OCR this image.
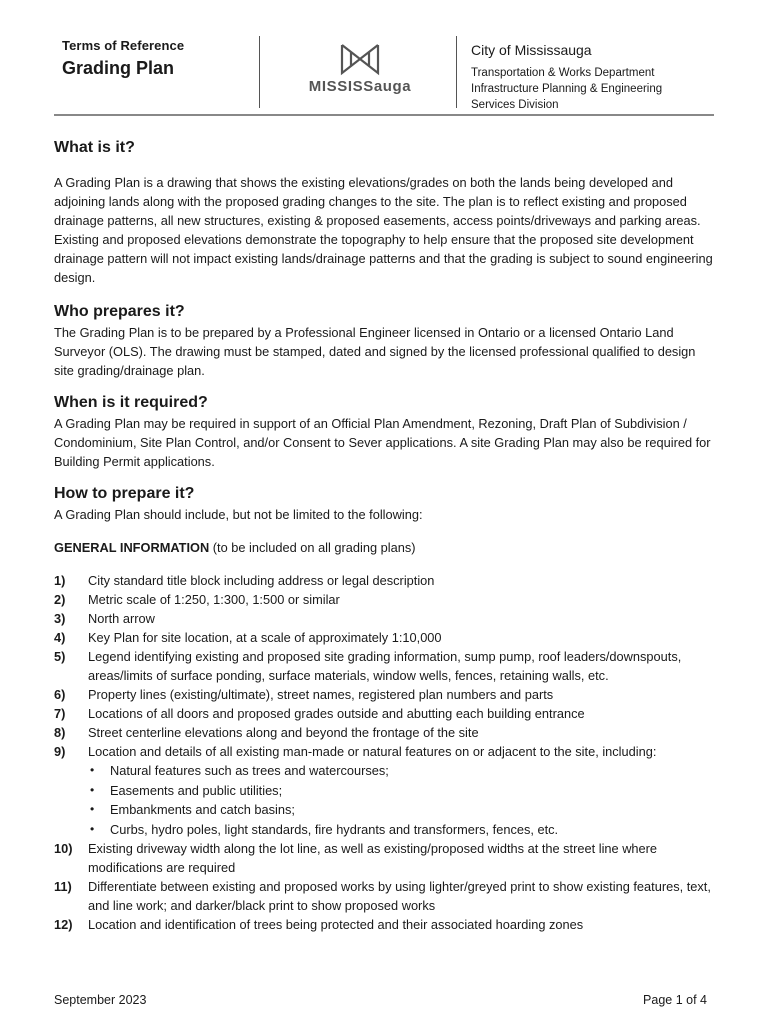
Terms of Reference
Grading Plan
MISSISSauga
City of Mississauga
Transportation & Works Department
Infrastructure Planning & Engineering
Services Division
What is it?

A Grading Plan is a drawing that shows the existing elevations/grades on both the lands being developed and adjoining lands along with the proposed grading changes to the site. The plan is to reflect existing and proposed drainage patterns, all new structures, existing & proposed easements, access points/driveways and parking areas. Existing and proposed elevations demonstrate the topography to help ensure that the proposed site development drainage pattern will not impact existing lands/drainage patterns and that the grading is subject to sound engineering design.

Who prepares it?

The Grading Plan is to be prepared by a Professional Engineer licensed in Ontario or a licensed Ontario Land Surveyor (OLS). The drawing must be stamped, dated and signed by the licensed professional qualified to design site grading/drainage plan.

When is it required?

A Grading Plan may be required in support of an Official Plan Amendment, Rezoning, Draft Plan of Subdivision / Condominium, Site Plan Control, and/or Consent to Sever applications. A site Grading Plan may also be required for Building Permit applications.

How to prepare it?

A Grading Plan should include, but not be limited to the following:

GENERAL INFORMATION (to be included on all grading plans)
1) City standard title block including address or legal description
2) Metric scale of 1:250, 1:300, 1:500 or similar
3) North arrow
4) Key Plan for site location, at a scale of approximately 1:10,000
5) Legend identifying existing and proposed site grading information, sump pump, roof leaders/downspouts, areas/limits of surface ponding, surface materials, window wells, fences, retaining walls, etc.
6) Property lines (existing/ultimate), street names, registered plan numbers and parts
7) Locations of all doors and proposed grades outside and abutting each building entrance
8) Street centerline elevations along and beyond the frontage of the site
9) Location and details of all existing man-made or natural features on or adjacent to the site, including:
• Natural features such as trees and watercourses;
• Easements and public utilities;
• Embankments and catch basins;
• Curbs, hydro poles, light standards, fire hydrants and transformers, fences, etc.
10) Existing driveway width along the lot line, as well as existing/proposed widths at the street line where modifications are required
11) Differentiate between existing and proposed works by using lighter/greyed print to show existing features, text, and line work; and darker/black print to show proposed works
12) Location and identification of trees being protected and their associated hoarding zones
September 2023	Page 1 of 4
